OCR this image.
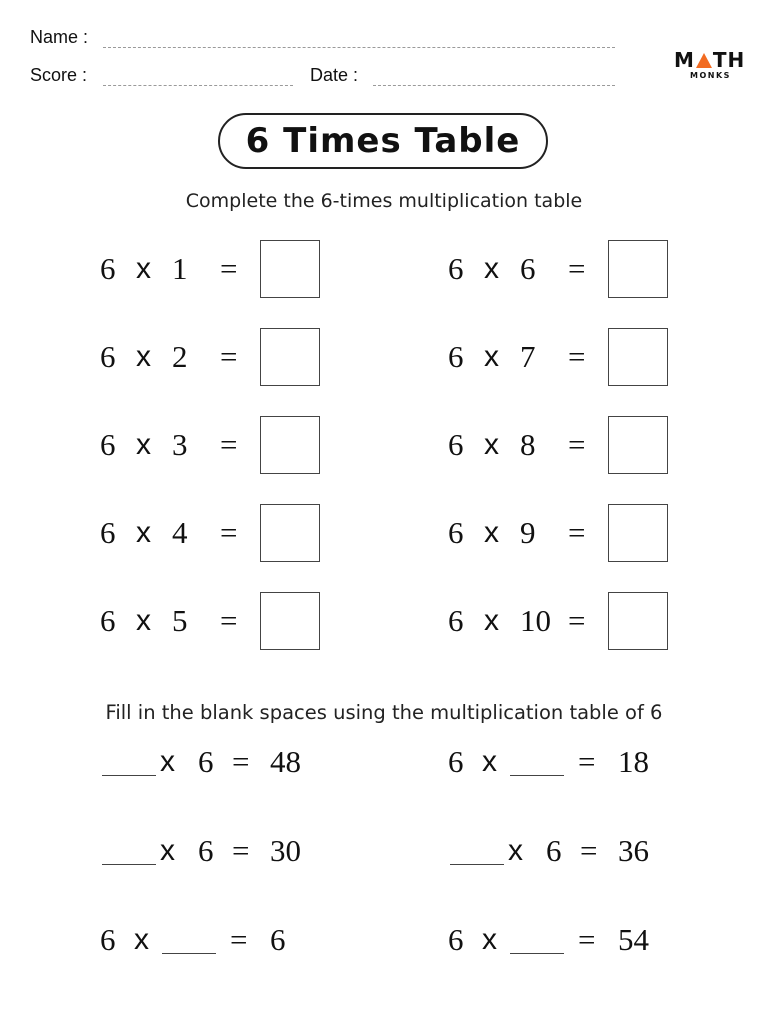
Name :
Score :	Date :
M TH
MONKS
6 Times Table
Complete the 6-times multiplication table
6 x 1 =
6 x 2 =
6 x 3 =
6 x 4 =
6 x 5 =
6 x 6 =
6 x 7 =
6 x 8 =
6 x 9 =
6 x 10 =
Fill in the blank spaces using the multiplication table of 6
x 6 = 48	6 x	= 18
x 6 = 30	x 6 = 36
6 x	= 6	6 x	= 54
